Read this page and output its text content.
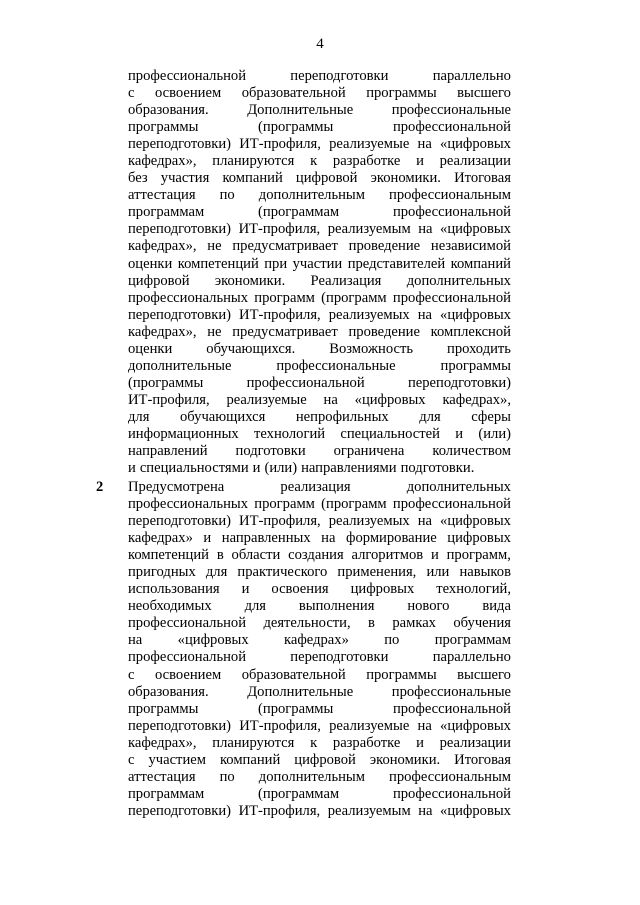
4
профессиональной	переподготовки	параллельно
с освоением образовательной программы высшего
образования.	Дополнительные	профессиональные
программы	(программы	профессиональной
переподготовки) ИТ-профиля, реализуемые на «цифровых
кафедрах», планируются к разработке и реализации
без участия компаний цифровой экономики. Итоговая
аттестация по дополнительным профессиональным
программам	(программам	профессиональной
переподготовки) ИТ-профиля, реализуемым на «цифровых
кафедрах», не предусматривает проведение независимой
оценки компетенций при участии представителей компаний
цифровой экономики. Реализация дополнительных
профессиональных программ (программ профессиональной
переподготовки) ИТ-профиля, реализуемых на «цифровых
кафедрах», не предусматривает проведение комплексной
оценки обучающихся. Возможность проходить
дополнительные	профессиональные	программы
(программы	профессиональной	переподготовки)
ИТ-профиля, реализуемые на «цифровых кафедрах»,
для обучающихся непрофильных для сферы
информационных технологий специальностей и (или)
направлений подготовки ограничена количеством
и специальностями и (или) направлениями подготовки.
2 Предусмотрена	реализация	дополнительных
профессиональных программ (программ профессиональной
переподготовки) ИТ-профиля, реализуемых на «цифровых
кафедрах» и направленных на формирование цифровых
компетенций в области создания алгоритмов и программ,
пригодных для практического применения, или навыков
использования и освоения цифровых технологий,
необходимых для выполнения нового вида
профессиональной деятельности, в рамках обучения
на «цифровых кафедрах» по программам
профессиональной	переподготовки	параллельно
с освоением образовательной программы высшего
образования.	Дополнительные	профессиональные
программы	(программы	профессиональной
переподготовки) ИТ-профиля, реализуемые на «цифровых
кафедрах», планируются к разработке и реализации
с участием компаний цифровой экономики. Итоговая
аттестация по дополнительным профессиональным
программам	(программам	профессиональной
переподготовки) ИТ-профиля, реализуемым на «цифровых
